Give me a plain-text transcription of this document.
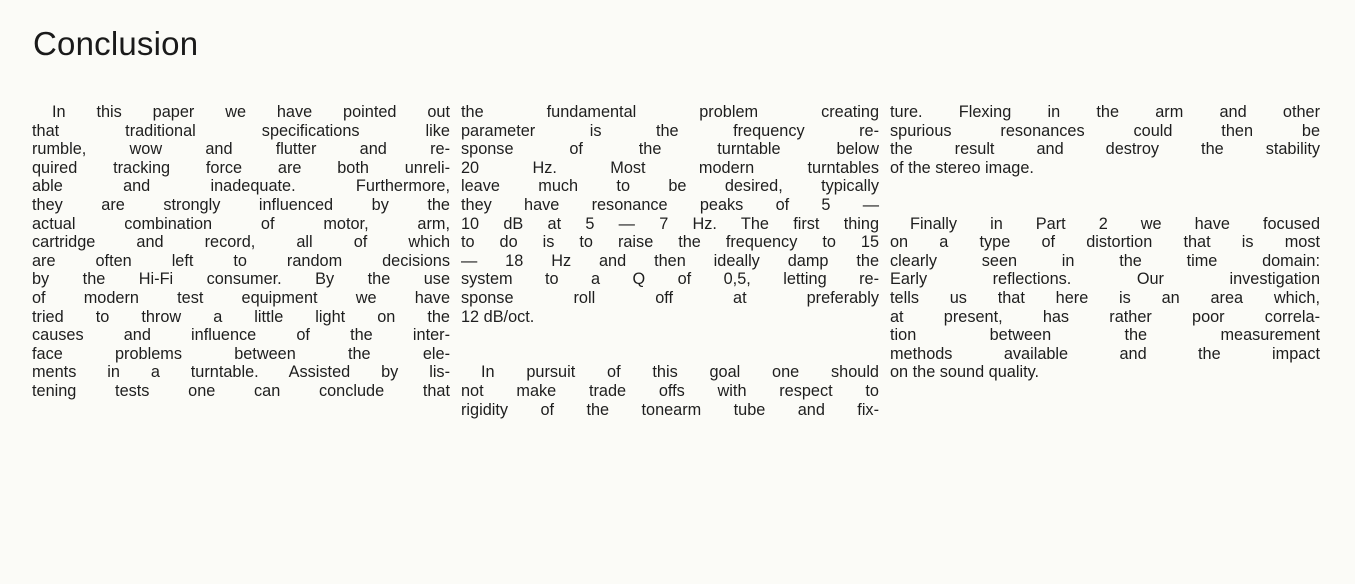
Conclusion

In this paper we have pointed out
that traditional specifications like
rumble, wow and flutter and re-
quired tracking force are both unreli-
able and inadequate. Furthermore,
they are strongly influenced by the
actual combination of motor, arm,
cartridge and record, all of which
are often left to random decisions
by the Hi-Fi consumer. By the use
of modern test equipment we have
tried to throw a little light on the
causes and influence of the inter-
face problems between the ele-
ments in a turntable. Assisted by lis-
tening tests one can conclude that

the fundamental problem creating
parameter is the frequency re-
sponse of the turntable below
20 Hz. Most modern turntables
leave much to be desired, typically
they have resonance peaks of 5 —
10 dB at 5 — 7 Hz. The first thing
to do is to raise the frequency to 15
— 18 Hz and then ideally damp the
system to a Q of 0,5, letting re-
sponse roll off at preferably
12 dB/oct.

In pursuit of this goal one should
not make trade offs with respect to
rigidity of the tonearm tube and fix-

ture. Flexing in the arm and other
spurious resonances could then be
the result and destroy the stability
of the stereo image.

Finally in Part 2 we have focused
on a type of distortion that is most
clearly seen in the time domain:
Early reflections. Our investigation
tells us that here is an area which,
at present, has rather poor correla-
tion between the measurement
methods available and the impact
on the sound quality.
